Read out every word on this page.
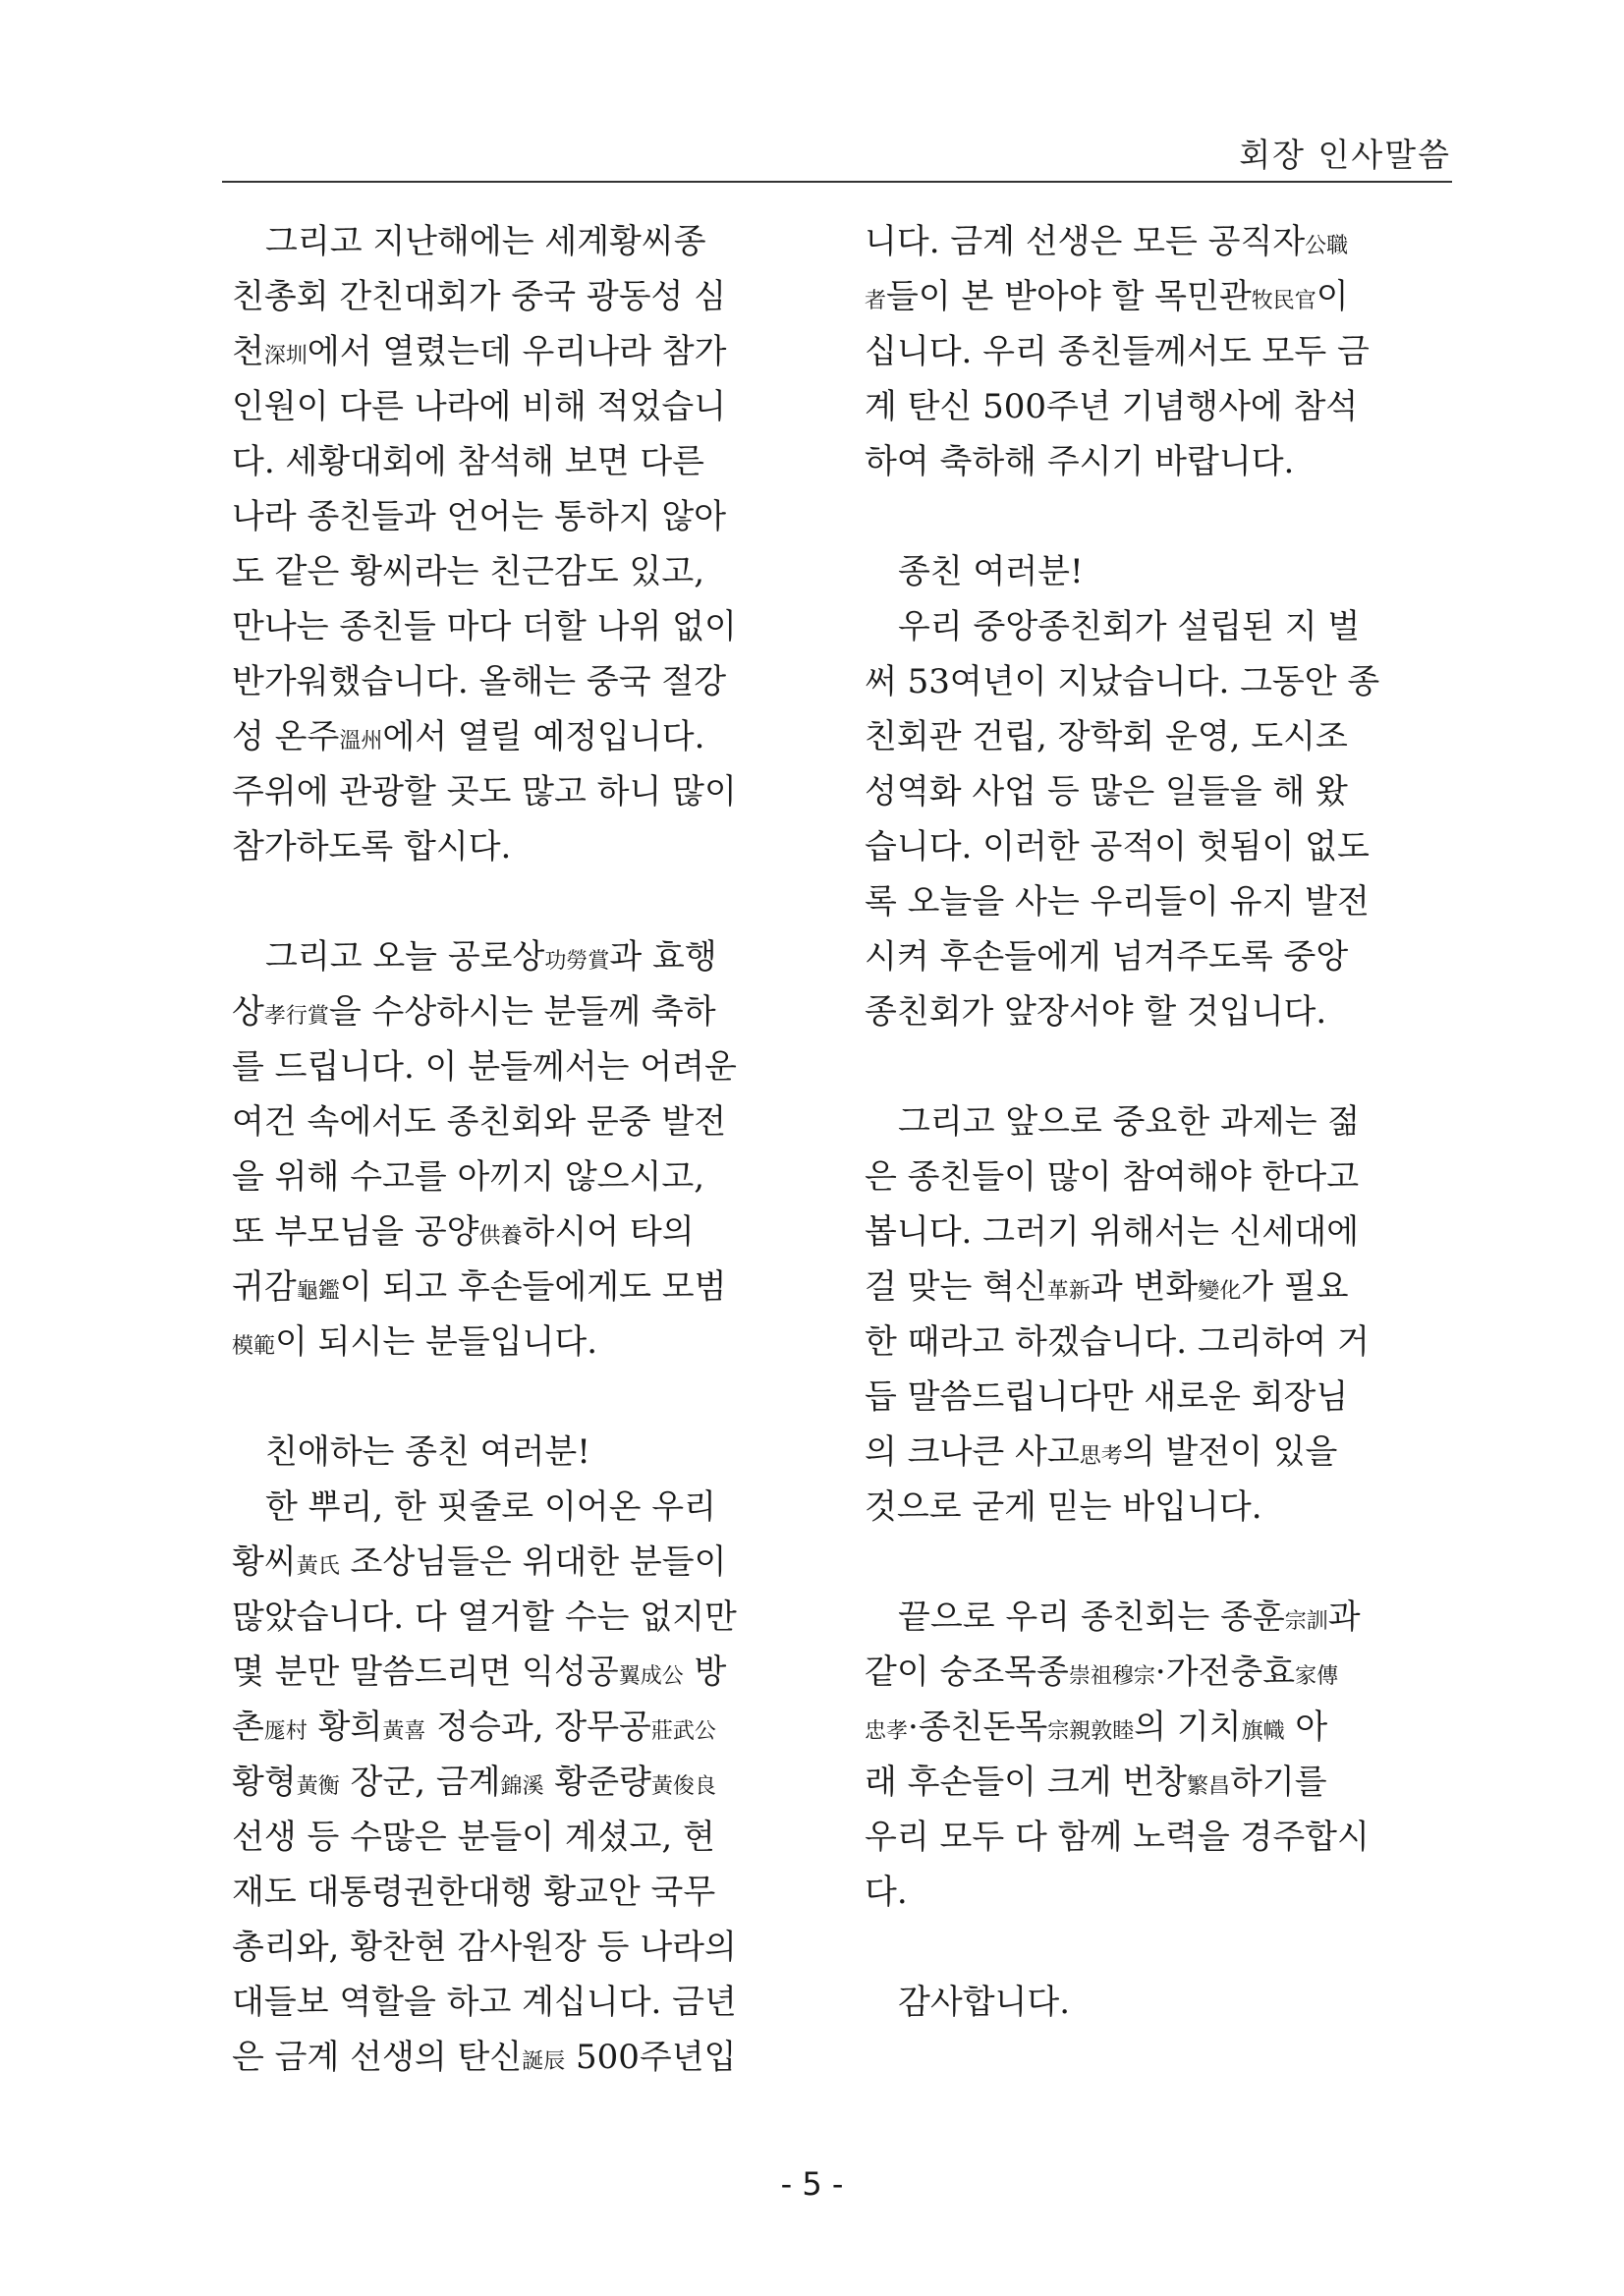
회장 인사말씀
그리고 지난해에는 세계황씨종
친총회 간친대회가 중국 광동성 심
천深圳에서 열렸는데 우리나라 참가
인원이 다른 나라에 비해 적었습니
다. 세황대회에 참석해 보면 다른
나라 종친들과 언어는 통하지 않아
도 같은 황씨라는 친근감도 있고,
만나는 종친들 마다 더할 나위 없이
반가워했습니다. 올해는 중국 절강
성 온주溫州에서 열릴 예정입니다.
주위에 관광할 곳도 많고 하니 많이
참가하도록 합시다.
그리고 오늘 공로상功勞賞과 효행
상孝行賞을 수상하시는 분들께 축하
를 드립니다. 이 분들께서는 어려운
여건 속에서도 종친회와 문중 발전
을 위해 수고를 아끼지 않으시고,
또 부모님을 공양供養하시어 타의
귀감龜鑑이 되고 후손들에게도 모범
模範이 되시는 분들입니다.
친애하는 종친 여러분!
한 뿌리, 한 핏줄로 이어온 우리
황씨黃氏 조상님들은 위대한 분들이
많았습니다. 다 열거할 수는 없지만
몇 분만 말씀드리면 익성공翼成公 방
촌厖村 황희黃喜 정승과, 장무공莊武公
황형黃衡 장군, 금계錦溪 황준량黃俊良
선생 등 수많은 분들이 계셨고, 현
재도 대통령권한대행 황교안 국무
총리와, 황찬현 감사원장 등 나라의
대들보 역할을 하고 계십니다. 금년
은 금계 선생의 탄신誕辰 500주년입
니다. 금계 선생은 모든 공직자公職
者들이 본 받아야 할 목민관牧民官이
십니다. 우리 종친들께서도 모두 금
계 탄신 500주년 기념행사에 참석
하여 축하해 주시기 바랍니다.
종친 여러분!
우리 중앙종친회가 설립된 지 벌
써 53여년이 지났습니다. 그동안 종
친회관 건립, 장학회 운영, 도시조
성역화 사업 등 많은 일들을 해 왔
습니다. 이러한 공적이 헛됨이 없도
록 오늘을 사는 우리들이 유지 발전
시켜 후손들에게 넘겨주도록 중앙
종친회가 앞장서야 할 것입니다.
그리고 앞으로 중요한 과제는 젊
은 종친들이 많이 참여해야 한다고
봅니다. 그러기 위해서는 신세대에
걸 맞는 혁신革新과 변화變化가 필요
한 때라고 하겠습니다. 그리하여 거
듭 말씀드립니다만 새로운 회장님
의 크나큰 사고思考의 발전이 있을
것으로 굳게 믿는 바입니다.
끝으로 우리 종친회는 종훈宗訓과
같이 숭조목종崇祖穆宗·가전충효家傳
忠孝·종친돈목宗親敦睦의 기치旗幟 아
래 후손들이 크게 번창繁昌하기를
우리 모두 다 함께 노력을 경주합시
다.
감사합니다.
- 5 -
